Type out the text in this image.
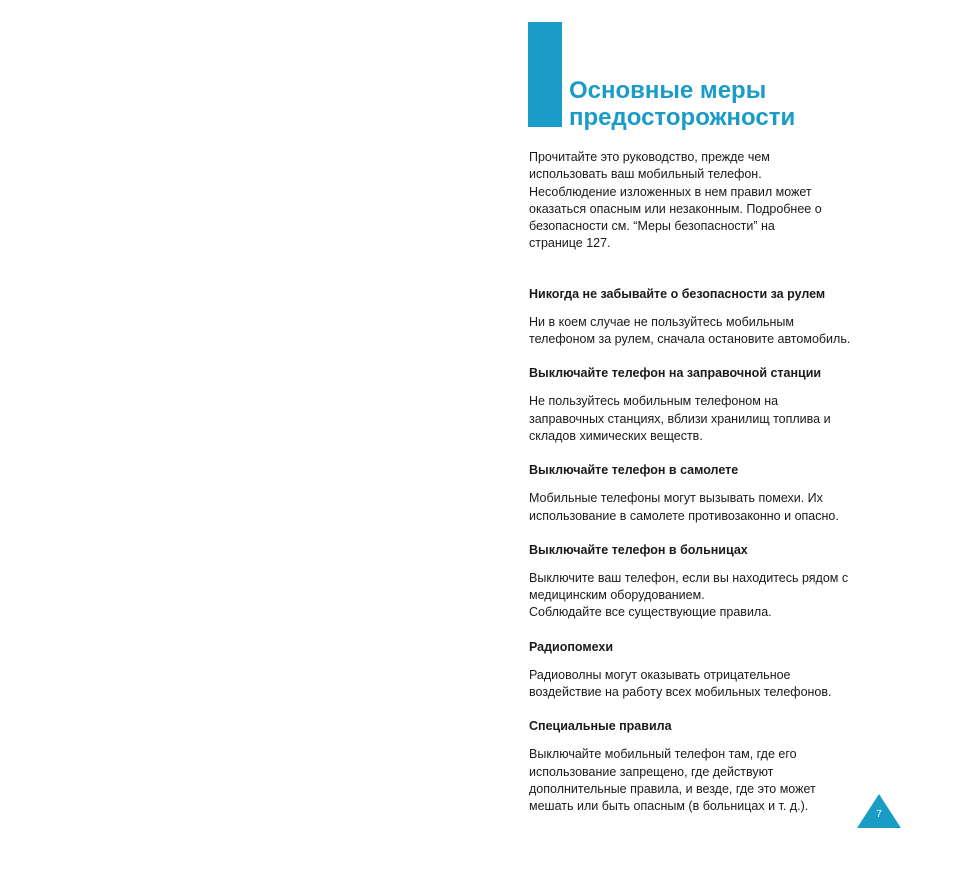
Основные меры
предосторожности

Прочитайте это руководство, прежде чем
использовать ваш мобильный телефон.
Несоблюдение изложенных в нем правил может
оказаться опасным или незаконным. Подробнее о
безопасности см. “Меры безопасности” на
странице 127.

Никогда не забывайте о безопасности за рулем

Ни в коем случае не пользуйтесь мобильным
телефоном за рулем, сначала остановите автомобиль.

Выключайте телефон на заправочной станции

Не пользуйтесь мобильным телефоном на
заправочных станциях, вблизи хранилищ топлива и
складов химических веществ.

Выключайте телефон в самолете

Мобильные телефоны могут вызывать помехи. Их
использование в самолете противозаконно и опасно.

Выключайте телефон в больницах

Выключите ваш телефон, если вы находитесь рядом с
медицинским оборудованием.
Соблюдайте все существующие правила.

Радиопомехи

Радиоволны могут оказывать отрицательное
воздействие на работу всех мобильных телефонов.

Специальные правила

Выключайте мобильный телефон там, где его
использование запрещено, где действуют
дополнительные правила, и везде, где это может
мешать или быть опасным (в больницах и т. д.).

7
